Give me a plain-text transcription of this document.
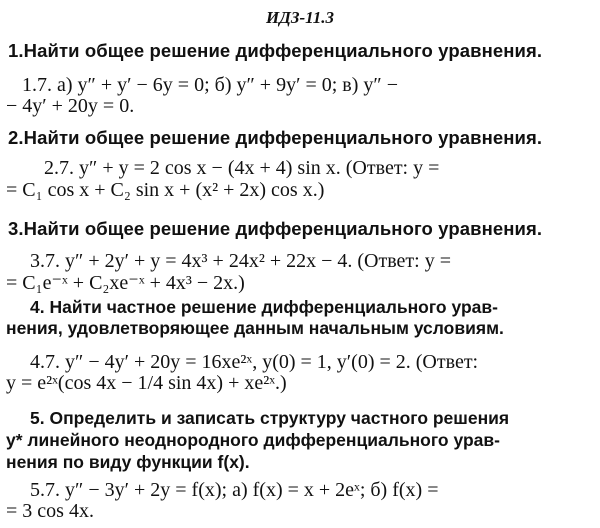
ИДЗ-11.3
1.Найти общее решение дифференциального уравнения.
1.7. а) y″ + y′ − 6y = 0; б) y″ + 9y′ = 0; в) y″ −
− 4y′ + 20y = 0.
2.Найти общее решение дифференциального уравнения.
2.7. y″ + y = 2 cos x − (4x + 4) sin x. (Ответ: y =
= C₁ cos x + C₂ sin x + (x² + 2x) cos x.)
3.Найти общее решение дифференциального уравнения.
3.7. y″ + 2y′ + y = 4x³ + 24x² + 22x − 4. (Ответ: y =
= C₁e⁻ˣ + C₂xe⁻ˣ + 4x³ − 2x.)
4. Найти частное решение дифференциального урав-
нения, удовлетворяющее данным начальным условиям.
4.7. y″ − 4y′ + 20y = 16xe²ˣ, y(0) = 1, y′(0) = 2. (Ответ:
y = e²ˣ(cos 4x − 1/4 sin 4x) + xe²ˣ.)
5. Определить и записать структуру частного решения
y* линейного неоднородного дифференциального урав-
нения по виду функции f(x).
5.7. y″ − 3y′ + 2y = f(x); а) f(x) = x + 2eˣ; б) f(x) =
= 3 cos 4x.
